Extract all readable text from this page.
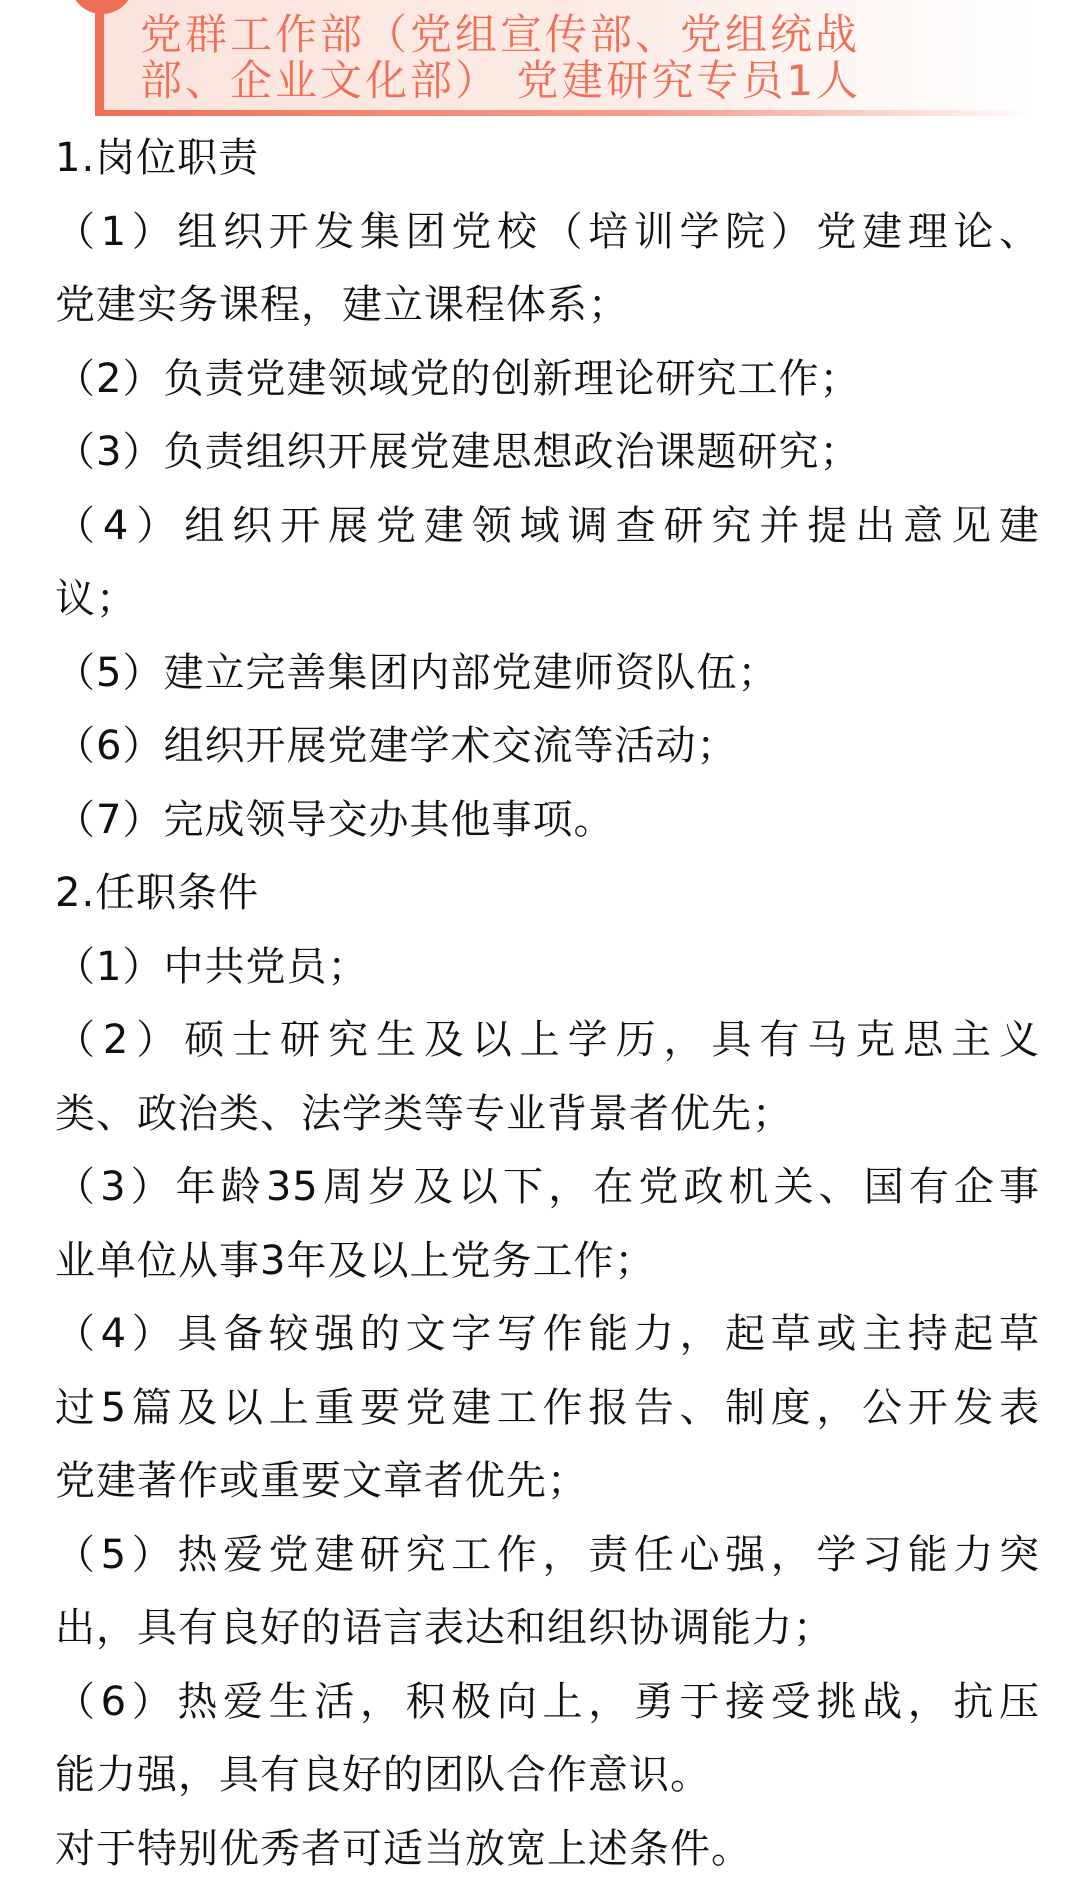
党群工作部（党组宣传部、党组统战
部、企业文化部） 党建研究专员1人
1.岗位职责
（1）组织开发集团党校（培训学院）党建理论、
党建实务课程，建立课程体系；
（2）负责党建领域党的创新理论研究工作；
（3）负责组织开展党建思想政治课题研究；
（4）组织开展党建领域调查研究并提出意见建
议；
（5）建立完善集团内部党建师资队伍；
（6）组织开展党建学术交流等活动；
（7）完成领导交办其他事项。
2.任职条件
（1）中共党员；
（2）硕士研究生及以上学历，具有马克思主义
类、政治类、法学类等专业背景者优先；
（3）年龄35周岁及以下，在党政机关、国有企事
业单位从事3年及以上党务工作；
（4）具备较强的文字写作能力，起草或主持起草
过5篇及以上重要党建工作报告、制度，公开发表
党建著作或重要文章者优先；
（5）热爱党建研究工作，责任心强，学习能力突
出，具有良好的语言表达和组织协调能力；
（6）热爱生活，积极向上，勇于接受挑战，抗压
能力强，具有良好的团队合作意识。
对于特别优秀者可适当放宽上述条件。
